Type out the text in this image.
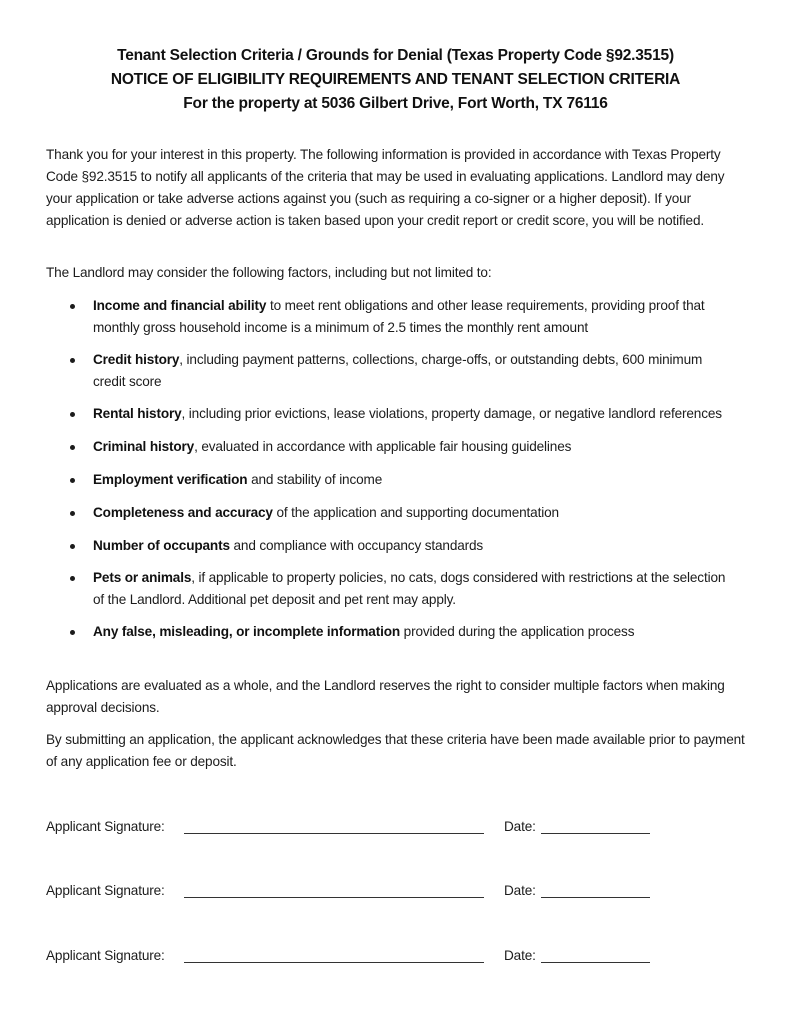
Tenant Selection Criteria / Grounds for Denial (Texas Property Code §92.3515)
NOTICE OF ELIGIBILITY REQUIREMENTS AND TENANT SELECTION CRITERIA
For the property at 5036 Gilbert Drive, Fort Worth, TX 76116
Thank you for your interest in this property. The following information is provided in accordance with Texas Property Code §92.3515 to notify all applicants of the criteria that may be used in evaluating applications. Landlord may deny your application or take adverse actions against you (such as requiring a co-signer or a higher deposit). If your application is denied or adverse action is taken based upon your credit report or credit score, you will be notified.
The Landlord may consider the following factors, including but not limited to:
Income and financial ability to meet rent obligations and other lease requirements, providing proof that monthly gross household income is a minimum of 2.5 times the monthly rent amount
Credit history, including payment patterns, collections, charge-offs, or outstanding debts, 600 minimum credit score
Rental history, including prior evictions, lease violations, property damage, or negative landlord references
Criminal history, evaluated in accordance with applicable fair housing guidelines
Employment verification and stability of income
Completeness and accuracy of the application and supporting documentation
Number of occupants and compliance with occupancy standards
Pets or animals, if applicable to property policies, no cats, dogs considered with restrictions at the selection of the Landlord. Additional pet deposit and pet rent may apply.
Any false, misleading, or incomplete information provided during the application process
Applications are evaluated as a whole, and the Landlord reserves the right to consider multiple factors when making approval decisions.
By submitting an application, the applicant acknowledges that these criteria have been made available prior to payment of any application fee or deposit.
Applicant Signature:	Date:
Applicant Signature:	Date:
Applicant Signature:	Date:
